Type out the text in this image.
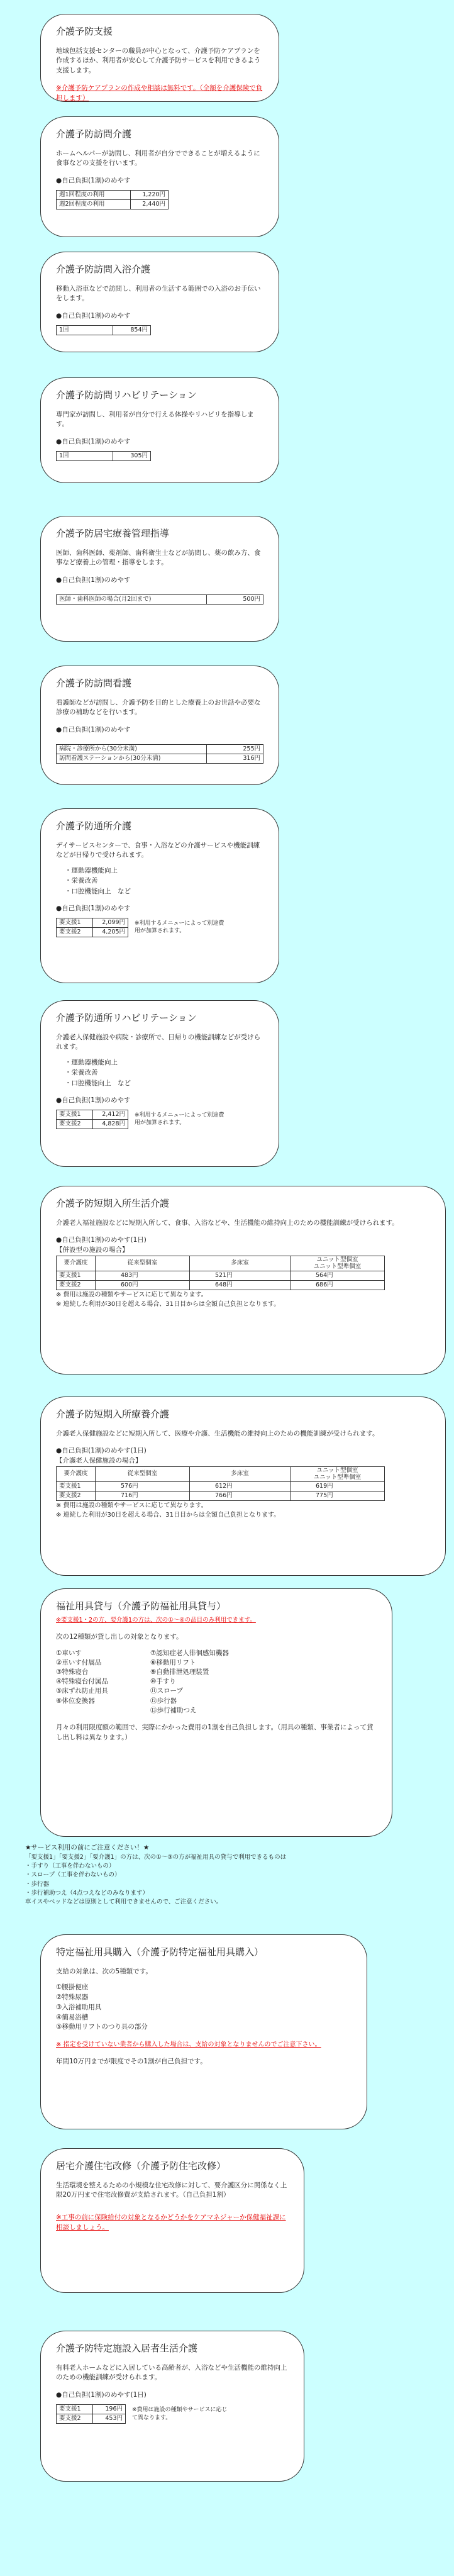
介護予防支援

地域包括支援センターの職員が中心となって、介護予防ケアプランを作成するほか、利用者が安心して介護予防サービスを利用できるよう支援します。

※介護予防ケアプランの作成や相談は無料です。（全額を介護保険で負担します）

介護予防訪問介護

ホームヘルパーが訪問し、利用者が自分でできることが増えるように食事などの支援を行います。

●自己負担(1割)のめやす

週1回程度の利用	1,220円
週2回程度の利用	2,440円
介護予防訪問入浴介護

移動入浴車などで訪問し、利用者の生活する範囲での入浴のお手伝いをします。

●自己負担(1割)のめやす

1回	854円
介護予防訪問リハビリテーション

専門家が訪問し、利用者が自分で行える体操やリハビリを指導します。

●自己負担(1割)のめやす

1回	305円
介護予防居宅療養管理指導

医師、歯科医師、薬剤師、歯科衛生士などが訪問し、薬の飲み方、食事など療養上の管理・指導をします。

●自己負担(1割)のめやす

医師・歯科医師の場合(月2回まで)	500円
介護予防訪問看護

看護師などが訪問し、介護予防を目的とした療養上のお世話や必要な診療の補助などを行います。

●自己負担(1割)のめやす

病院・診療所から(30分未満)	255円
訪問看護ステーションから(30分未満)	316円
介護予防通所介護

デイサービスセンターで、食事・入浴などの介護サービスや機能訓練などが日帰りで受けられます。

・運動器機能向上
・栄養改善
・口腔機能向上　など

●自己負担(1割)のめやす

要支援1	2,099円
要支援2	4,205円

※利用するメニューによって別途費用が加算されます。

介護予防通所リハビリテーション

介護老人保健施設や病院・診療所で、日帰りの機能訓練などが受けられます。

・運動器機能向上
・栄養改善
・口腔機能向上　など

●自己負担(1割)のめやす

要支援1	2,412円
要支援2	4,828円

※利用するメニューによって別途費用が加算されます。

介護予防短期入所生活介護

介護老人福祉施設などに短期入所して、食事、入浴などや、生活機能の維持向上のための機能訓練が受けられます。

●自己負担(1割)のめやす(1日)

【併設型の施設の場合】

要介護度	従来型個室	多床室	ユニット型個室
ユニット型準個室
要支援1	483円	521円	564円
要支援2	600円	648円	686円

※ 費用は施設の種類やサービスに応じて異なります。

※ 連続した利用が30日を超える場合、31日目からは全額自己負担となります。

介護予防短期入所療養介護

介護老人保健施設などに短期入所して、医療や介護、生活機能の維持向上のための機能訓練が受けられます。

●自己負担(1割)のめやす(1日)

【介護老人保健施設の場合】

要介護度	従来型個室	多床室	ユニット型個室
ユニット型準個室
要支援1	576円	612円	619円
要支援2	716円	766円	775円

※ 費用は施設の種類やサービスに応じて異なります。

※ 連続した利用が30日を超える場合、31日目からは全額自己負担となります。

福祉用具貸与（介護予防福祉用具貸与）

※要支援1・2の方、要介護1の方は、次の①～④の品目のみ利用できます。

次の12種類が貸し出しの対象となります。

①車いす
②車いす付属品
③特殊寝台
④特殊寝台付属品
⑤床ずれ防止用具
⑥体位変換器
⑦認知症老人徘徊感知機器
⑧移動用リフト
⑨自動排泄処理装置
⑩手すり
⑪スロープ
⑫歩行器
⑬歩行補助つえ

月々の利用限度額の範囲で、実際にかかった費用の1割を自己負担します。（用具の種類、事業者によって貸し出し料は異なります。）

★サービス利用の前にご注意ください！★

「要支援1」「要支援2」「要介護1」の方は、次の①～③の方が福祉用具の貸与で利用できるものは

・手すり（工事を伴わないもの）

・スロープ（工事を伴わないもの）

・歩行器

・歩行補助つえ（4点つえなどのみなります）

車イスやベッドなどは原則として利用できませんので、ご注意ください。

特定福祉用具購入（介護予防特定福祉用具購入）

支給の対象は、次の5種類です。

①腰掛便座
②特殊尿器
③入浴補助用具
④簡易浴槽
⑤移動用リフトのつり具の部分

※ 指定を受けていない業者から購入した場合は、支給の対象となりませんのでご注意下さい。

年間10万円までが限度でその1割が自己負担です。

居宅介護住宅改修（介護予防住宅改修）

生活環境を整えるための小規模な住宅改修に対して、要介護区分に関係なく上限20万円まで住宅改修費が支給されます。（自己負担1割）

※工事の前に保険給付の対象となるかどうかをケアマネジャーか保健福祉課に相談しましょう。

介護予防特定施設入居者生活介護

有料老人ホームなどに入居している高齢者が、入浴などや生活機能の維持向上のための機能訓練が受けられます。

●自己負担(1割)のめやす(1日)

要支援1	196円
要支援2	453円

※費用は施設の種類やサービスに応じて異なります。
